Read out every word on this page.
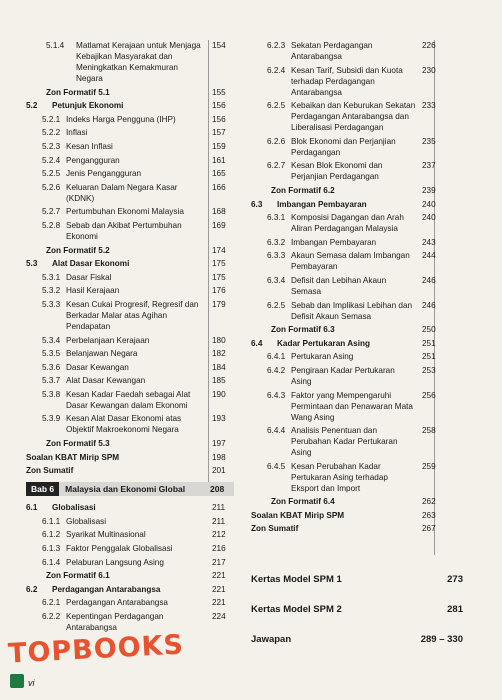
5.1.4	Matlamat Kerajaan untuk Menjaga Kebajikan Masyarakat dan Meningkatkan Kemakmuran Negara
154
Zon Formatif 5.1	155
5.2	Petunjuk Ekonomi	156
5.2.1 Indeks Harga Pengguna (IHP)	156
5.2.2 Inflasi	157
5.2.3 Kesan Inflasi	159
5.2.4 Pengangguran	161
5.2.5 Jenis Pengangguran	165
5.2.6 Keluaran Dalam Negara Kasar (KDNK)
166
5.2.7 Pertumbuhan Ekonomi Malaysia	168
5.2.8 Sebab dan Akibat Pertumbuhan Ekonomi
169
Zon Formatif 5.2	174
5.3	Alat Dasar Ekonomi	175
5.3.1 Dasar Fiskal	175
5.3.2 Hasil Kerajaan	176
5.3.3 Kesan Cukai Progresif, Regresif dan Berkadar Malar atas Agihan Pendapatan
179
5.3.4 Perbelanjaan Kerajaan	180
5.3.5 Belanjawan Negara	182
5.3.6 Dasar Kewangan	184
5.3.7 Alat Dasar Kewangan	185
5.3.8 Kesan Kadar Faedah sebagai Alat Dasar Kewangan dalam Ekonomi
190
5.3.9 Kesan Alat Dasar Ekonomi atas Objektif Makroekonomi Negara
193
Zon Formatif 5.3	197
Soalan KBAT Mirip SPM	198
Zon Sumatif	201
Bab 6	Malaysia dan Ekonomi Global	208
6.1	Globalisasi	211
6.1.1 Globalisasi	211
6.1.2 Syarikat Multinasional	212
6.1.3 Faktor Penggalak Globalisasi	216
6.1.4 Pelaburan Langsung Asing	217
Zon Formatif 6.1	221
6.2	Perdagangan Antarabangsa	221
6.2.1 Perdagangan Antarabangsa	221
6.2.2 Kepentingan Perdagangan Antarabangsa
224
6.2.3 Sekatan Perdagangan Antarabangsa
226
6.2.4 Kesan Tarif, Subsidi dan Kuota terhadap Perdagangan Antarabangsa
230
6.2.5 Kebaikan dan Keburukan Sekatan Perdagangan Antarabangsa dan Liberalisasi Perdagangan
233
6.2.6 Blok Ekonomi dan Perjanjian Perdagangan
235
6.2.7 Kesan Blok Ekonomi dan Perjanjian Perdagangan
237
Zon Formatif 6.2	239
6.3	Imbangan Pembayaran	240
6.3.1 Komposisi Dagangan dan Arah Aliran Perdagangan Malaysia
240
6.3.2 Imbangan Pembayaran	243
6.3.3 Akaun Semasa dalam Imbangan Pembayaran
244
6.3.4 Defisit dan Lebihan Akaun Semasa
246
6.2.5 Sebab dan Implikasi Lebihan dan Defisit Akaun Semasa
246
Zon Formatif 6.3	250
6.4	Kadar Pertukaran Asing	251
6.4.1 Pertukaran Asing	251
6.4.2 Pengiraan Kadar Pertukaran Asing
253
6.4.3 Faktor yang Mempengaruhi Permintaan dan Penawaran Mata Wang Asing
256
6.4.4 Analisis Penentuan dan Perubahan Kadar Pertukaran Asing
258
6.4.5 Kesan Perubahan Kadar Pertukaran Asing terhadap Eksport dan Import
259
Zon Formatif 6.4	262
Soalan KBAT Mirip SPM	263
Zon Sumatif	267
Kertas Model SPM 1	273
Kertas Model SPM 2	281
Jawapan	289 – 330
TOPBOOKS
vi
